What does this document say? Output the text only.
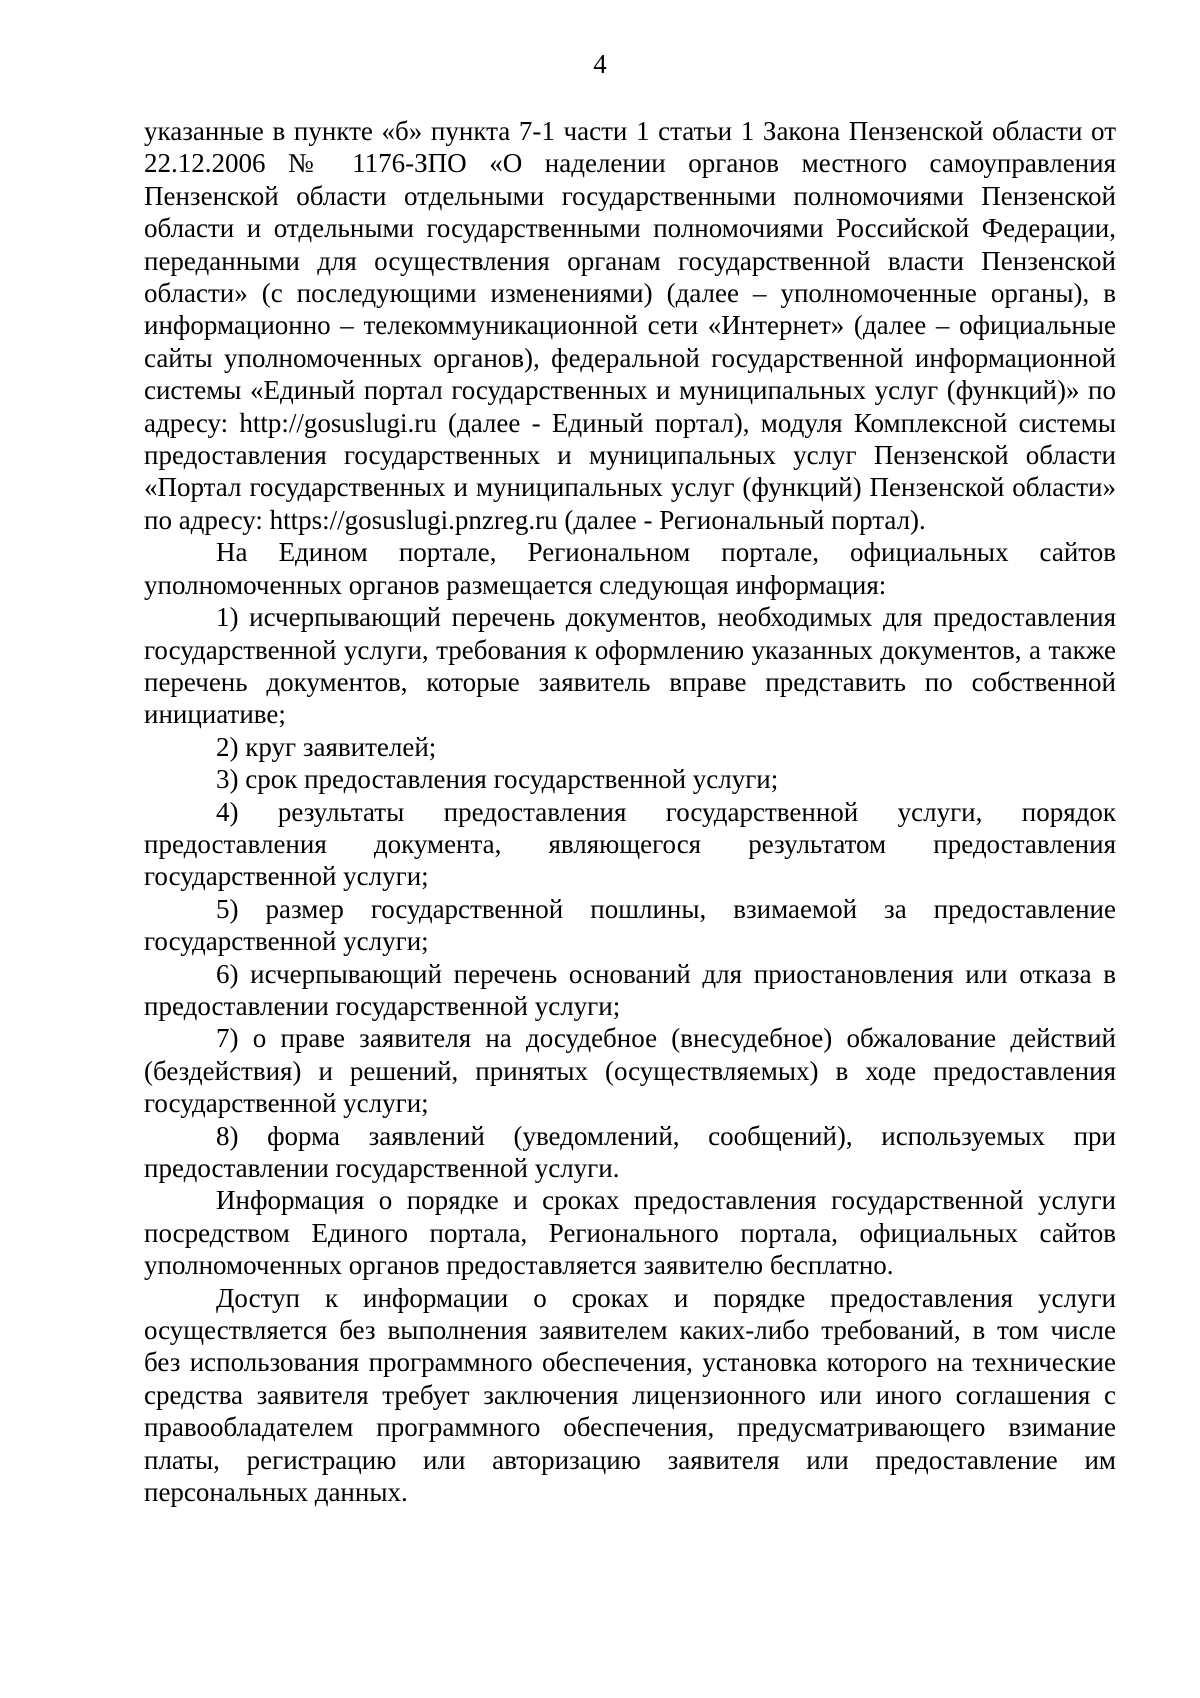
4

указанные в пункте «б» пункта 7-1 части 1 статьи 1 Закона Пензенской области от 22.12.2006 № 1176-ЗПО «О наделении органов местного самоуправления Пензенской области отдельными государственными полномочиями Пензенской области и отдельными государственными полномочиями Российской Федерации, переданными для осуществления органам государственной власти Пензенской области» (с последующими изменениями) (далее – уполномоченные органы), в информационно – телекоммуникационной сети «Интернет» (далее – официальные сайты уполномоченных органов), федеральной государственной информационной системы «Единый портал государственных и муниципальных услуг (функций)» по адресу: http://gosuslugi.ru (далее - Единый портал), модуля Комплексной системы предоставления государственных и муниципальных услуг Пензенской области «Портал государственных и муниципальных услуг (функций) Пензенской области» по адресу: https://gosuslugi.pnzreg.ru (далее - Региональный портал).

На Едином портале, Региональном портале, официальных сайтов уполномоченных органов размещается следующая информация:

1) исчерпывающий перечень документов, необходимых для предоставления государственной услуги, требования к оформлению указанных документов, а также перечень документов, которые заявитель вправе представить по собственной инициативе;

2) круг заявителей;

3) срок предоставления государственной услуги;

4) результаты предоставления государственной услуги, порядок предоставления документа, являющегося результатом предоставления государственной услуги;

5) размер государственной пошлины, взимаемой за предоставление государственной услуги;

6) исчерпывающий перечень оснований для приостановления или отказа в предоставлении государственной услуги;

7) о праве заявителя на досудебное (внесудебное) обжалование действий (бездействия) и решений, принятых (осуществляемых) в ходе предоставления государственной услуги;

8) форма заявлений (уведомлений, сообщений), используемых при предоставлении государственной услуги.

Информация о порядке и сроках предоставления государственной услуги посредством Единого портала, Регионального портала, официальных сайтов уполномоченных органов предоставляется заявителю бесплатно.

Доступ к информации о сроках и порядке предоставления услуги осуществляется без выполнения заявителем каких-либо требований, в том числе без использования программного обеспечения, установка которого на технические средства заявителя требует заключения лицензионного или иного соглашения с правообладателем программного обеспечения, предусматривающего взимание платы, регистрацию или авторизацию заявителя или предоставление им персональных данных.
